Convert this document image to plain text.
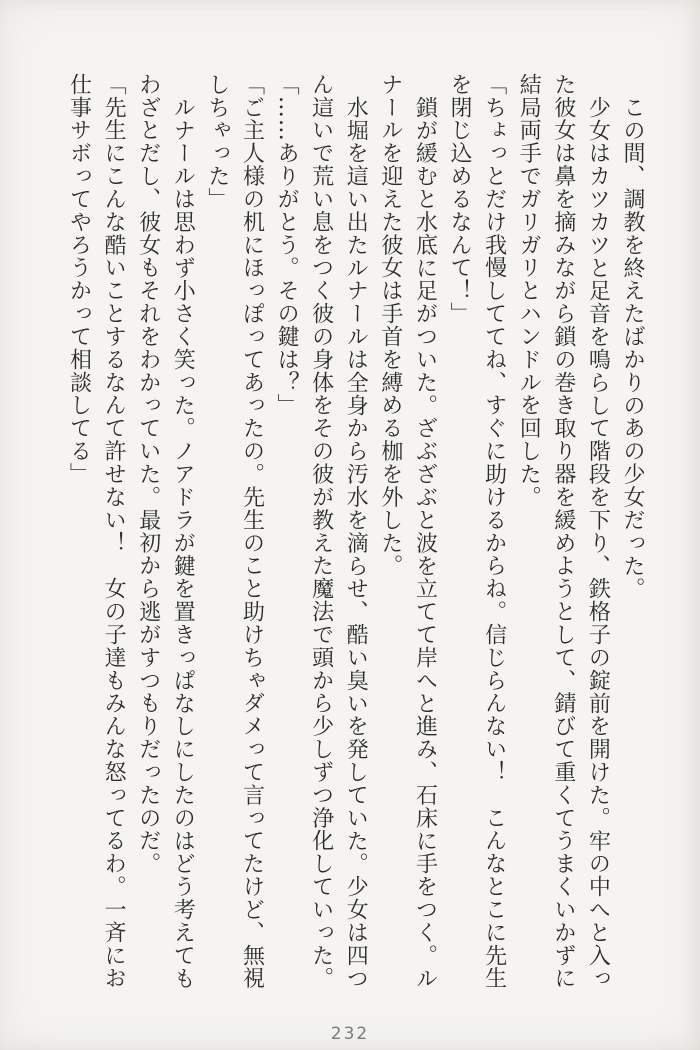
この間、調教を終えたばかりのあの少女だった。

少女はカツカツと足音を鳴らして階段を下り、鉄格子の錠前を開けた。牢の中へと入った彼女は鼻を摘みながら鎖の巻き取り器を緩めようとして、錆びて重くてうまくいかずに結局両手でガリガリとハンドルを回した。

「ちょっとだけ我慢しててね、すぐに助けるからね。信じらんない！　こんなとこに先生を閉じ込めるなんて！」

鎖が緩むと水底に足がついた。ざぶざぶと波を立てて岸へと進み、石床に手をつく。ルナールを迎えた彼女は手首を縛める枷を外した。

水堀を這い出たルナールは全身から汚水を滴らせ、酷い臭いを発していた。少女は四つん這いで荒い息をつく彼の身体をその彼が教えた魔法で頭から少しずつ浄化していった。

「……ありがとう。その鍵は？」

「ご主人様の机にほっぽってあったの。先生のこと助けちゃダメって言ってたけど、無視しちゃった」

ルナールは思わず小さく笑った。ノアドラが鍵を置きっぱなしにしたのはどう考えてもわざとだし、彼女もそれをわかっていた。最初から逃がすつもりだったのだ。

「先生にこんな酷いことするなんて許せない！　女の子達もみんな怒ってるわ。一斉にお仕事サボってやろうかって相談してる」

232
